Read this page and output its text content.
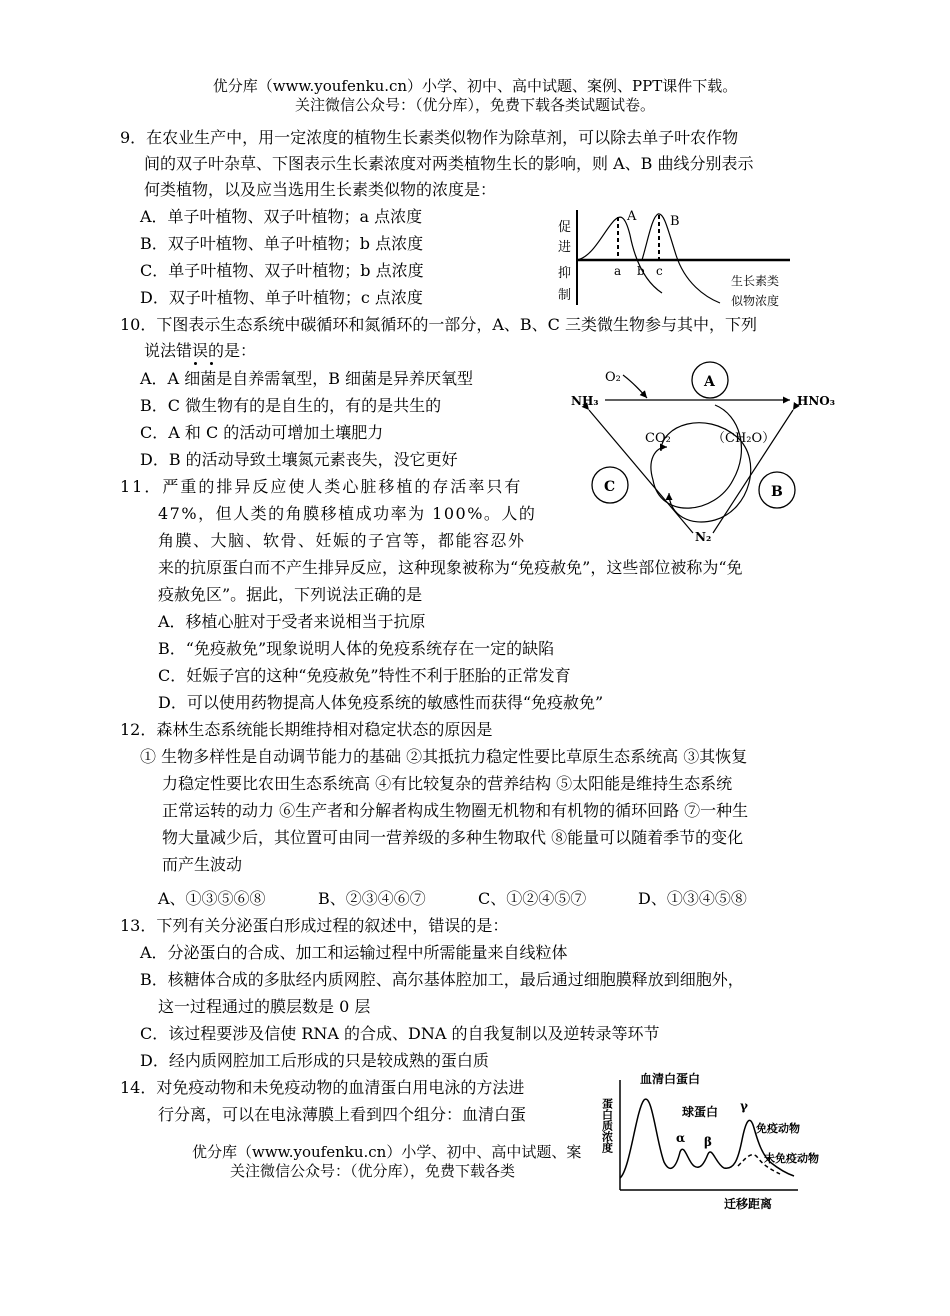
优分库（www.youfenku.cn）小学、初中、高中试题、案例、PPT课件下载。
关注微信公众号：（优分库），免费下载各类试题试卷。
9．在农业生产中，用一定浓度的植物生长素类似物作为除草剂，可以除去单子叶农作物
间的双子叶杂草、下图表示生长素浓度对两类植物生长的影响，则 A、B 曲线分别表示
何类植物，以及应当选用生长素类似物的浓度是：
A．单子叶植物、双子叶植物；a 点浓度
B．双子叶植物、单子叶植物；b 点浓度
C．单子叶植物、双子叶植物；b 点浓度
D．双子叶植物、单子叶植物；c 点浓度
促
进
抑
制
A	B
a b c
生长素类
似物浓度
10．下图表示生态系统中碳循环和氮循环的一部分，A、B、C 三类微生物参与其中，下列
说法错误的是：
A．A 细菌是自养需氧型，B 细菌是异养厌氧型
B．C 微生物有的是自生的，有的是共生的
C．A 和 C 的活动可增加土壤肥力
D．B 的活动导致土壤氮元素丧失，没它更好
A
C	B
O₂
NH₃	HNO₃
CO₂	（CH₂O）
N₂
11．严重的排异反应使人类心脏移植的存活率只有
47%，但人类的角膜移植成功率为 100%。人的
角膜、大脑、软骨、妊娠的子宫等，都能容忍外
来的抗原蛋白而不产生排异反应，这种现象被称为“免疫赦免”，这些部位被称为“免
疫赦免区”。据此，下列说法正确的是
A．移植心脏对于受者来说相当于抗原
B．“免疫赦免”现象说明人体的免疫系统存在一定的缺陷
C．妊娠子宫的这种“免疫赦免”特性不利于胚胎的正常发育
D．可以使用药物提高人体免疫系统的敏感性而获得“免疫赦免”
12．森林生态系统能长期维持相对稳定状态的原因是
① 生物多样性是自动调节能力的基础 ②其抵抗力稳定性要比草原生态系统高 ③其恢复
力稳定性要比农田生态系统高 ④有比较复杂的营养结构 ⑤太阳能是维持生态系统
正常运转的动力 ⑥生产者和分解者构成生物圈无机物和有机物的循环回路 ⑦一种生
物大量减少后，其位置可由同一营养级的多种生物取代 ⑧能量可以随着季节的变化
而产生波动
A、①③⑤⑥⑧	B、②③④⑥⑦	C、①②④⑤⑦	D、①③④⑤⑧
13．下列有关分泌蛋白形成过程的叙述中，错误的是：
A．分泌蛋白的合成、加工和运输过程中所需能量来自线粒体
B．核糖体合成的多肽经内质网腔、高尔基体腔加工，最后通过细胞膜释放到细胞外，
这一过程通过的膜层数是 0 层
C．该过程要涉及信使 RNA 的合成、DNA 的自我复制以及逆转录等环节
D．经内质网腔加工后形成的只是较成熟的蛋白质
14．对免疫动物和未免疫动物的血清蛋白用电泳的方法进
行分离，可以在电泳薄膜上看到四个组分：血清白蛋
优分库（www.youfenku.cn）小学、初中、高中试题、案
关注微信公众号：（优分库），免费下载各类
血清白蛋白
蛋白质浓度	球蛋白
α β
γ
免疫动物
未免疫动物
迁移距离
